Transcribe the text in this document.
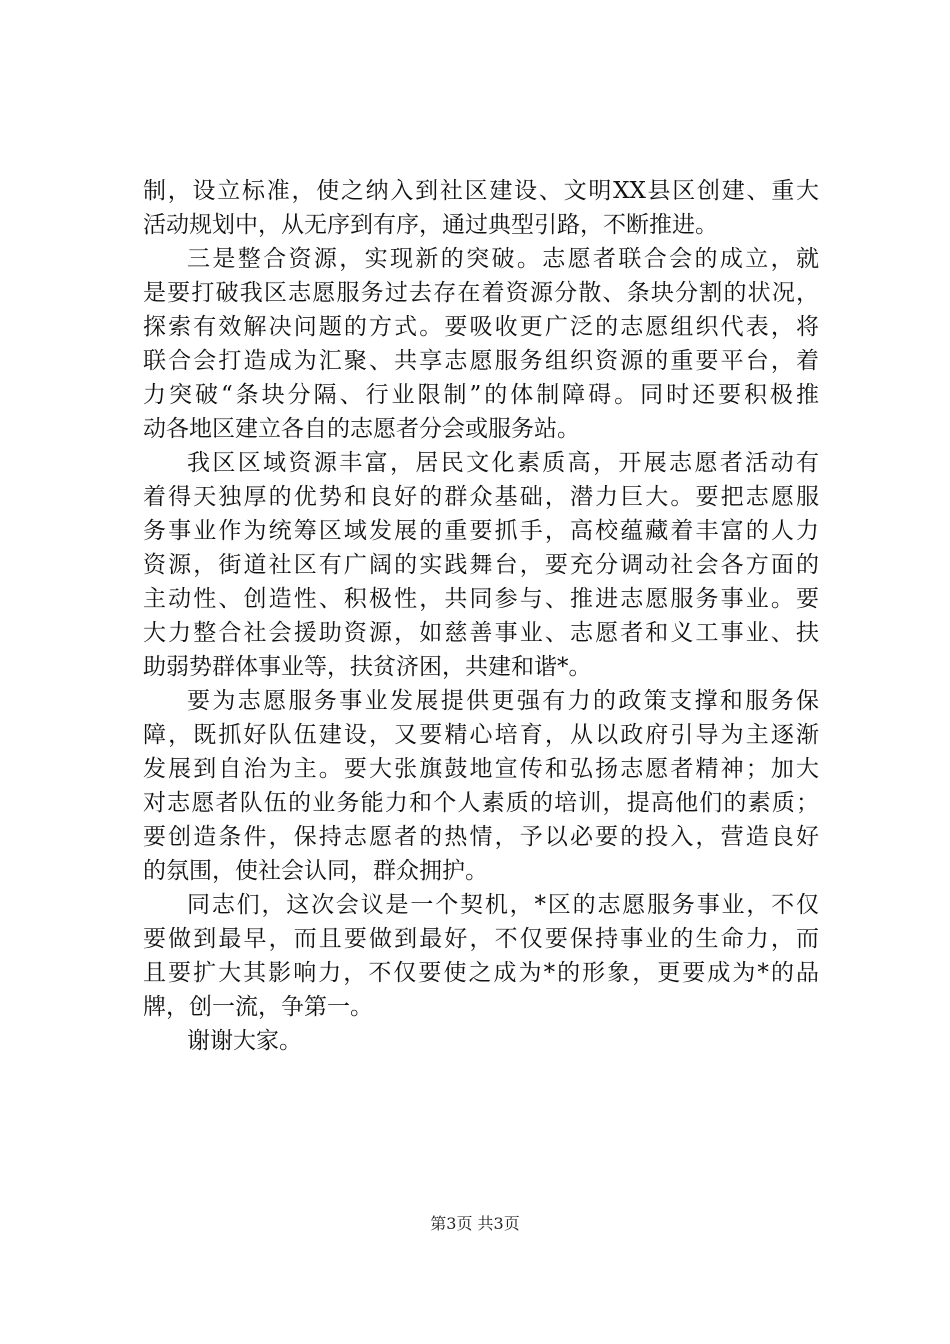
制，设立标准，使之纳入到社区建设、文明XX县区创建、重大
活动规划中，从无序到有序，通过典型引路，不断推进。
三是整合资源，实现新的突破。志愿者联合会的成立，就
是要打破我区志愿服务过去存在着资源分散、条块分割的状况，
探索有效解决问题的方式。要吸收更广泛的志愿组织代表，将
联合会打造成为汇聚、共享志愿服务组织资源的重要平台，着
力突破“条块分隔、行业限制”的体制障碍。同时还要积极推
动各地区建立各自的志愿者分会或服务站。
我区区域资源丰富，居民文化素质高，开展志愿者活动有
着得天独厚的优势和良好的群众基础，潜力巨大。要把志愿服
务事业作为统筹区域发展的重要抓手，高校蕴藏着丰富的人力
资源，街道社区有广阔的实践舞台，要充分调动社会各方面的
主动性、创造性、积极性，共同参与、推进志愿服务事业。要
大力整合社会援助资源，如慈善事业、志愿者和义工事业、扶
助弱势群体事业等，扶贫济困，共建和谐*。
要为志愿服务事业发展提供更强有力的政策支撑和服务保
障，既抓好队伍建设，又要精心培育，从以政府引导为主逐渐
发展到自治为主。要大张旗鼓地宣传和弘扬志愿者精神；加大
对志愿者队伍的业务能力和个人素质的培训，提高他们的素质；
要创造条件，保持志愿者的热情，予以必要的投入，营造良好
的氛围，使社会认同，群众拥护。
同志们，这次会议是一个契机，*区的志愿服务事业，不仅
要做到最早，而且要做到最好，不仅要保持事业的生命力，而
且要扩大其影响力，不仅要使之成为*的形象，更要成为*的品
牌，创一流，争第一。
谢谢大家。
第3页 共3页
